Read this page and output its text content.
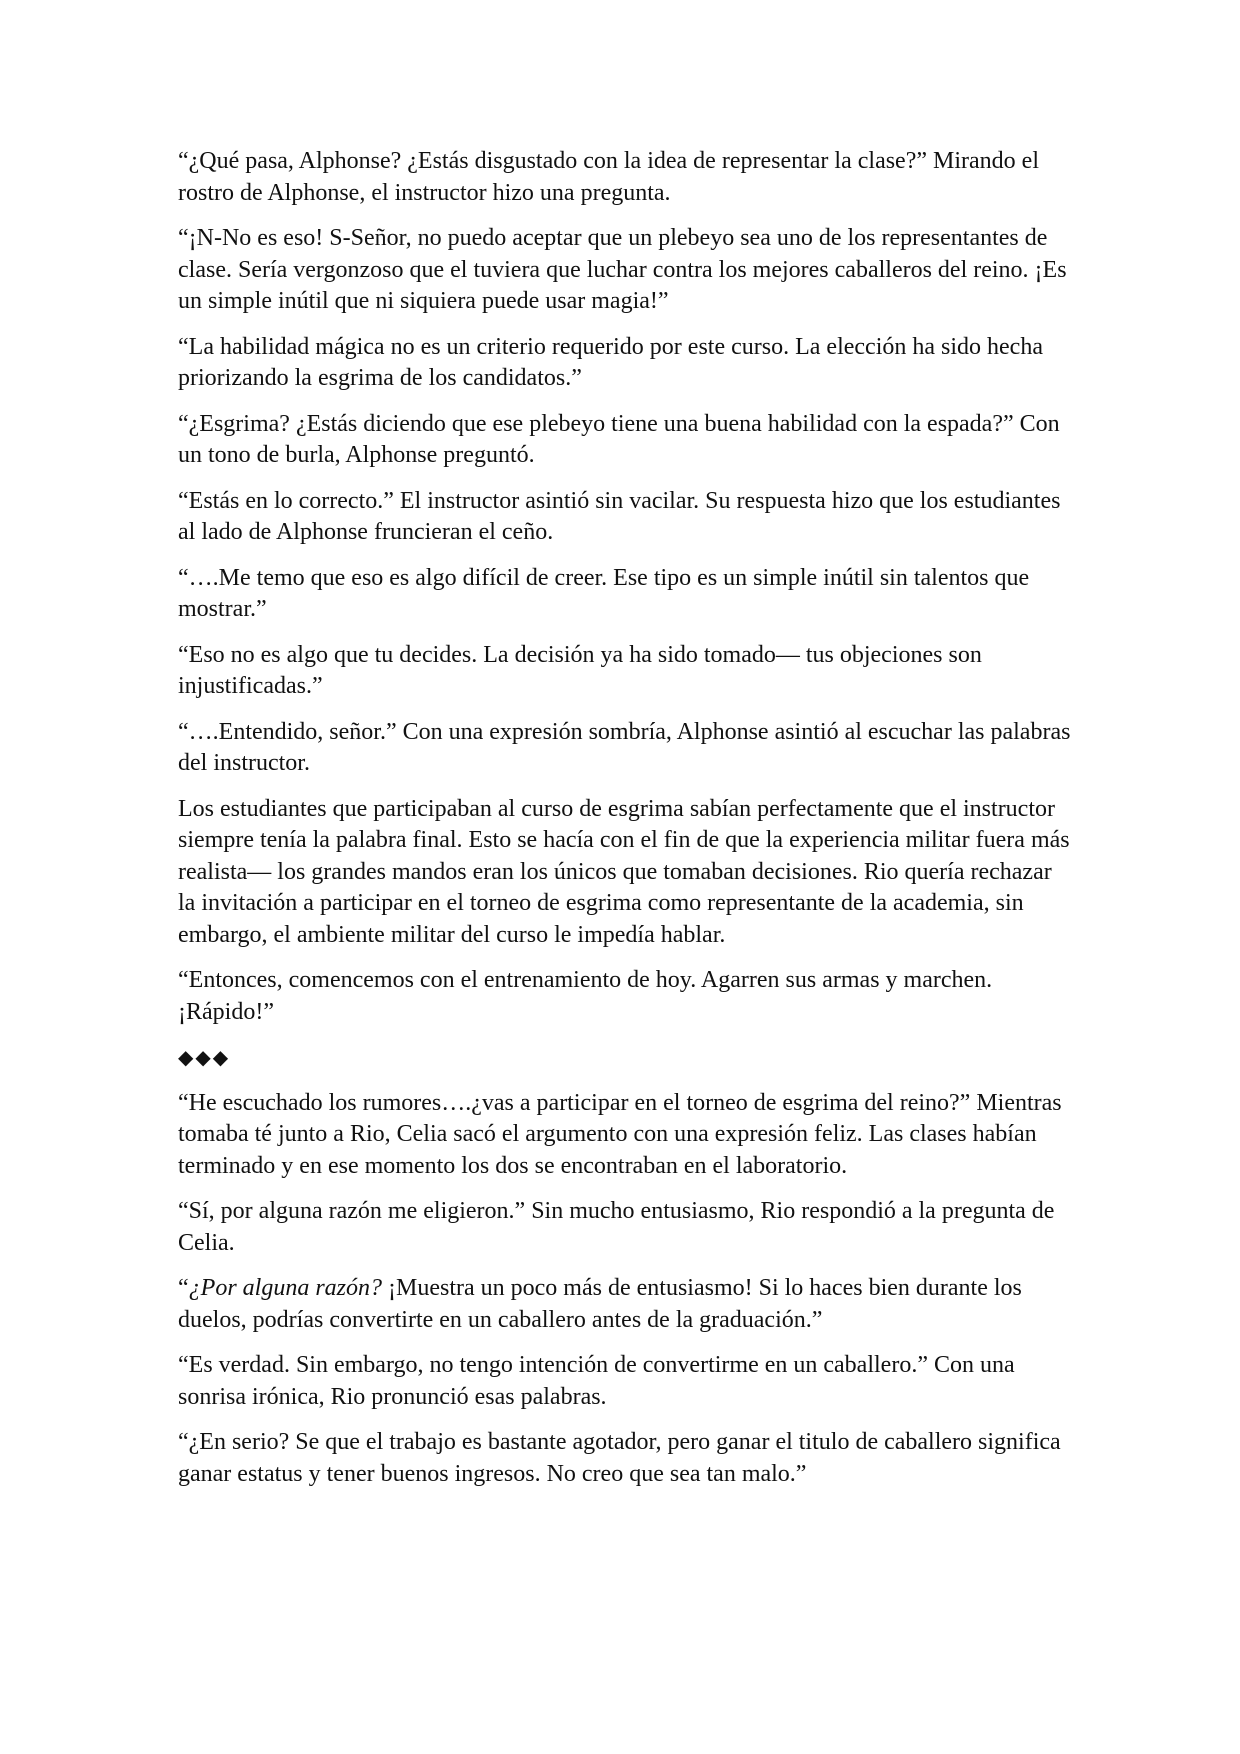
“¿Qué pasa, Alphonse? ¿Estás disgustado con la idea de representar la clase?” Mirando el rostro de Alphonse, el instructor hizo una pregunta.

“¡N-No es eso! S-Señor, no puedo aceptar que un plebeyo sea uno de los representantes de clase. Sería vergonzoso que el tuviera que luchar contra los mejores caballeros del reino. ¡Es un simple inútil que ni siquiera puede usar magia!”

“La habilidad mágica no es un criterio requerido por este curso. La elección ha sido hecha priorizando la esgrima de los candidatos.”

“¿Esgrima? ¿Estás diciendo que ese plebeyo tiene una buena habilidad con la espada?” Con un tono de burla, Alphonse preguntó.

“Estás en lo correcto.” El instructor asintió sin vacilar. Su respuesta hizo que los estudiantes al lado de Alphonse fruncieran el ceño.

“….Me temo que eso es algo difícil de creer. Ese tipo es un simple inútil sin talentos que mostrar.”

“Eso no es algo que tu decides. La decisión ya ha sido tomado— tus objeciones son injustificadas.”

“….Entendido, señor.” Con una expresión sombría, Alphonse asintió al escuchar las palabras del instructor.

Los estudiantes que participaban al curso de esgrima sabían perfectamente que el instructor siempre tenía la palabra final. Esto se hacía con el fin de que la experiencia militar fuera más realista— los grandes mandos eran los únicos que tomaban decisiones. Rio quería rechazar la invitación a participar en el torneo de esgrima como representante de la academia, sin embargo, el ambiente militar del curso le impedía hablar.

“Entonces, comencemos con el entrenamiento de hoy. Agarren sus armas y marchen. ¡Rápido!”

◆◆◆

“He escuchado los rumores….¿vas a participar en el torneo de esgrima del reino?” Mientras tomaba té junto a Rio, Celia sacó el argumento con una expresión feliz. Las clases habían terminado y en ese momento los dos se encontraban en el laboratorio.

“Sí, por alguna razón me eligieron.” Sin mucho entusiasmo, Rio respondió a la pregunta de Celia.

“¿Por alguna razón? ¡Muestra un poco más de entusiasmo! Si lo haces bien durante los duelos, podrías convertirte en un caballero antes de la graduación.”

“Es verdad. Sin embargo, no tengo intención de convertirme en un caballero.” Con una sonrisa irónica, Rio pronunció esas palabras.

“¿En serio? Se que el trabajo es bastante agotador, pero ganar el titulo de caballero significa ganar estatus y tener buenos ingresos. No creo que sea tan malo.”
